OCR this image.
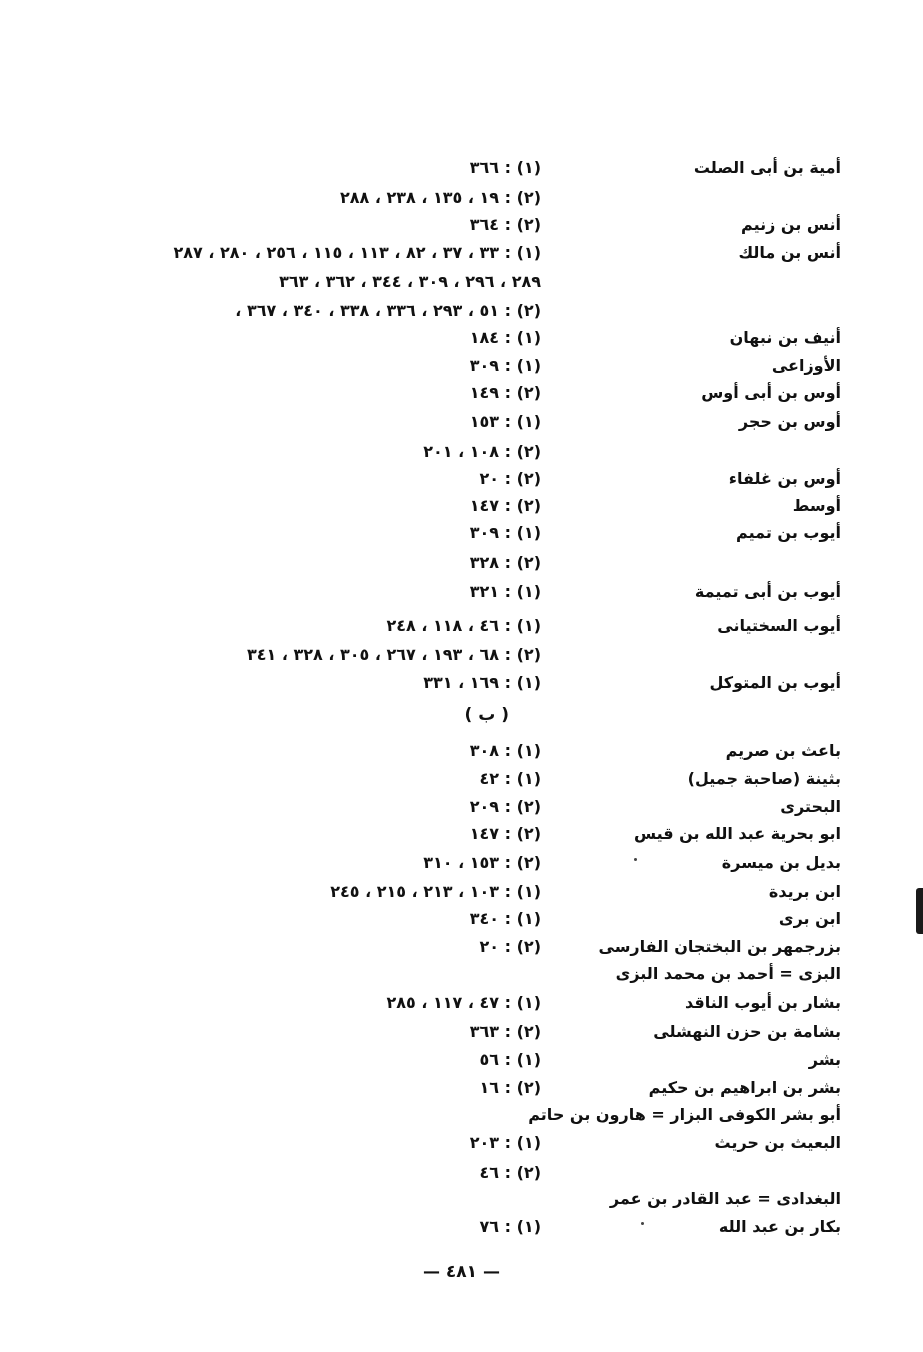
أمية بن أبى الصلت
(١) : ٣٦٦
(٢) : ١٩ ، ١٣٥ ، ٢٣٨ ، ٢٨٨
أنس بن زنيم
(٢) : ٣٦٤
أنس بن مالك
(١) : ٣٣ ، ٣٧ ، ٨٢ ، ١١٣ ، ١١٥ ، ٢٥٦ ، ٢٨٠ ، ٢٨٧
٢٨٩ ، ٢٩٦ ، ٣٠٩ ، ٣٤٤ ، ٣٦٢ ، ٣٦٣
(٢) : ٥١ ، ٢٩٣ ، ٣٣٦ ، ٣٣٨ ، ٣٤٠ ، ٣٦٧ ،
أنيف بن نبهان
(١) : ١٨٤
الأوزاعى
(١) : ٣٠٩
أوس بن أبى أوس
(٢) : ١٤٩
أوس بن حجر
(١) : ١٥٣
(٢) : ١٠٨ ، ٢٠١
أوس بن غلفاء
(٢) : ٢٠
أوسط
(٢) : ١٤٧
أيوب بن تميم
(١) : ٣٠٩
(٢) : ٣٢٨
أيوب بن أبى تميمة
(١) : ٣٢١
أيوب السختيانى
(١) : ٤٦ ، ١١٨ ، ٢٤٨
(٢) : ٦٨ ، ١٩٣ ، ٢٦٧ ، ٣٠٥ ، ٣٢٨ ، ٣٤١
أيوب بن المتوكل
(١) : ١٦٩ ، ٣٣١
باعث بن صريم
(١) : ٣٠٨
بثينة (صاحبة جميل)
(١) : ٤٢
البحترى
(٢) : ٢٠٩
ابو بحرية عبد الله بن قيس
(٢) : ١٤٧
بديل بن ميسرة
(٢) : ١٥٣ ، ٣١٠
ابن بريدة
(١) : ١٠٣ ، ٢١٣ ، ٢١٥ ، ٢٤٥
ابن برى
(١) : ٣٤٠
بزرجمهر بن البختجان الفارسى
(٢) : ٢٠
البزى = أحمد بن محمد البزى
بشار بن أيوب الناقد
(١) : ٤٧ ، ١١٧ ، ٢٨٥
بشامة بن حزن النهشلى
(٢) : ٣٦٣
بشر
(١) : ٥٦
بشر بن ابراهيم بن حكيم
(٢) : ١٦
أبو بشر الكوفى البزار = هارون بن حاتم
البعيث بن حريث
(١) : ٢٠٣
(٢) : ٤٦
البغدادى = عبد القادر بن عمر
بكار بن عبد الله
(١) : ٧٦
( ب )
— ٤٨١ —
